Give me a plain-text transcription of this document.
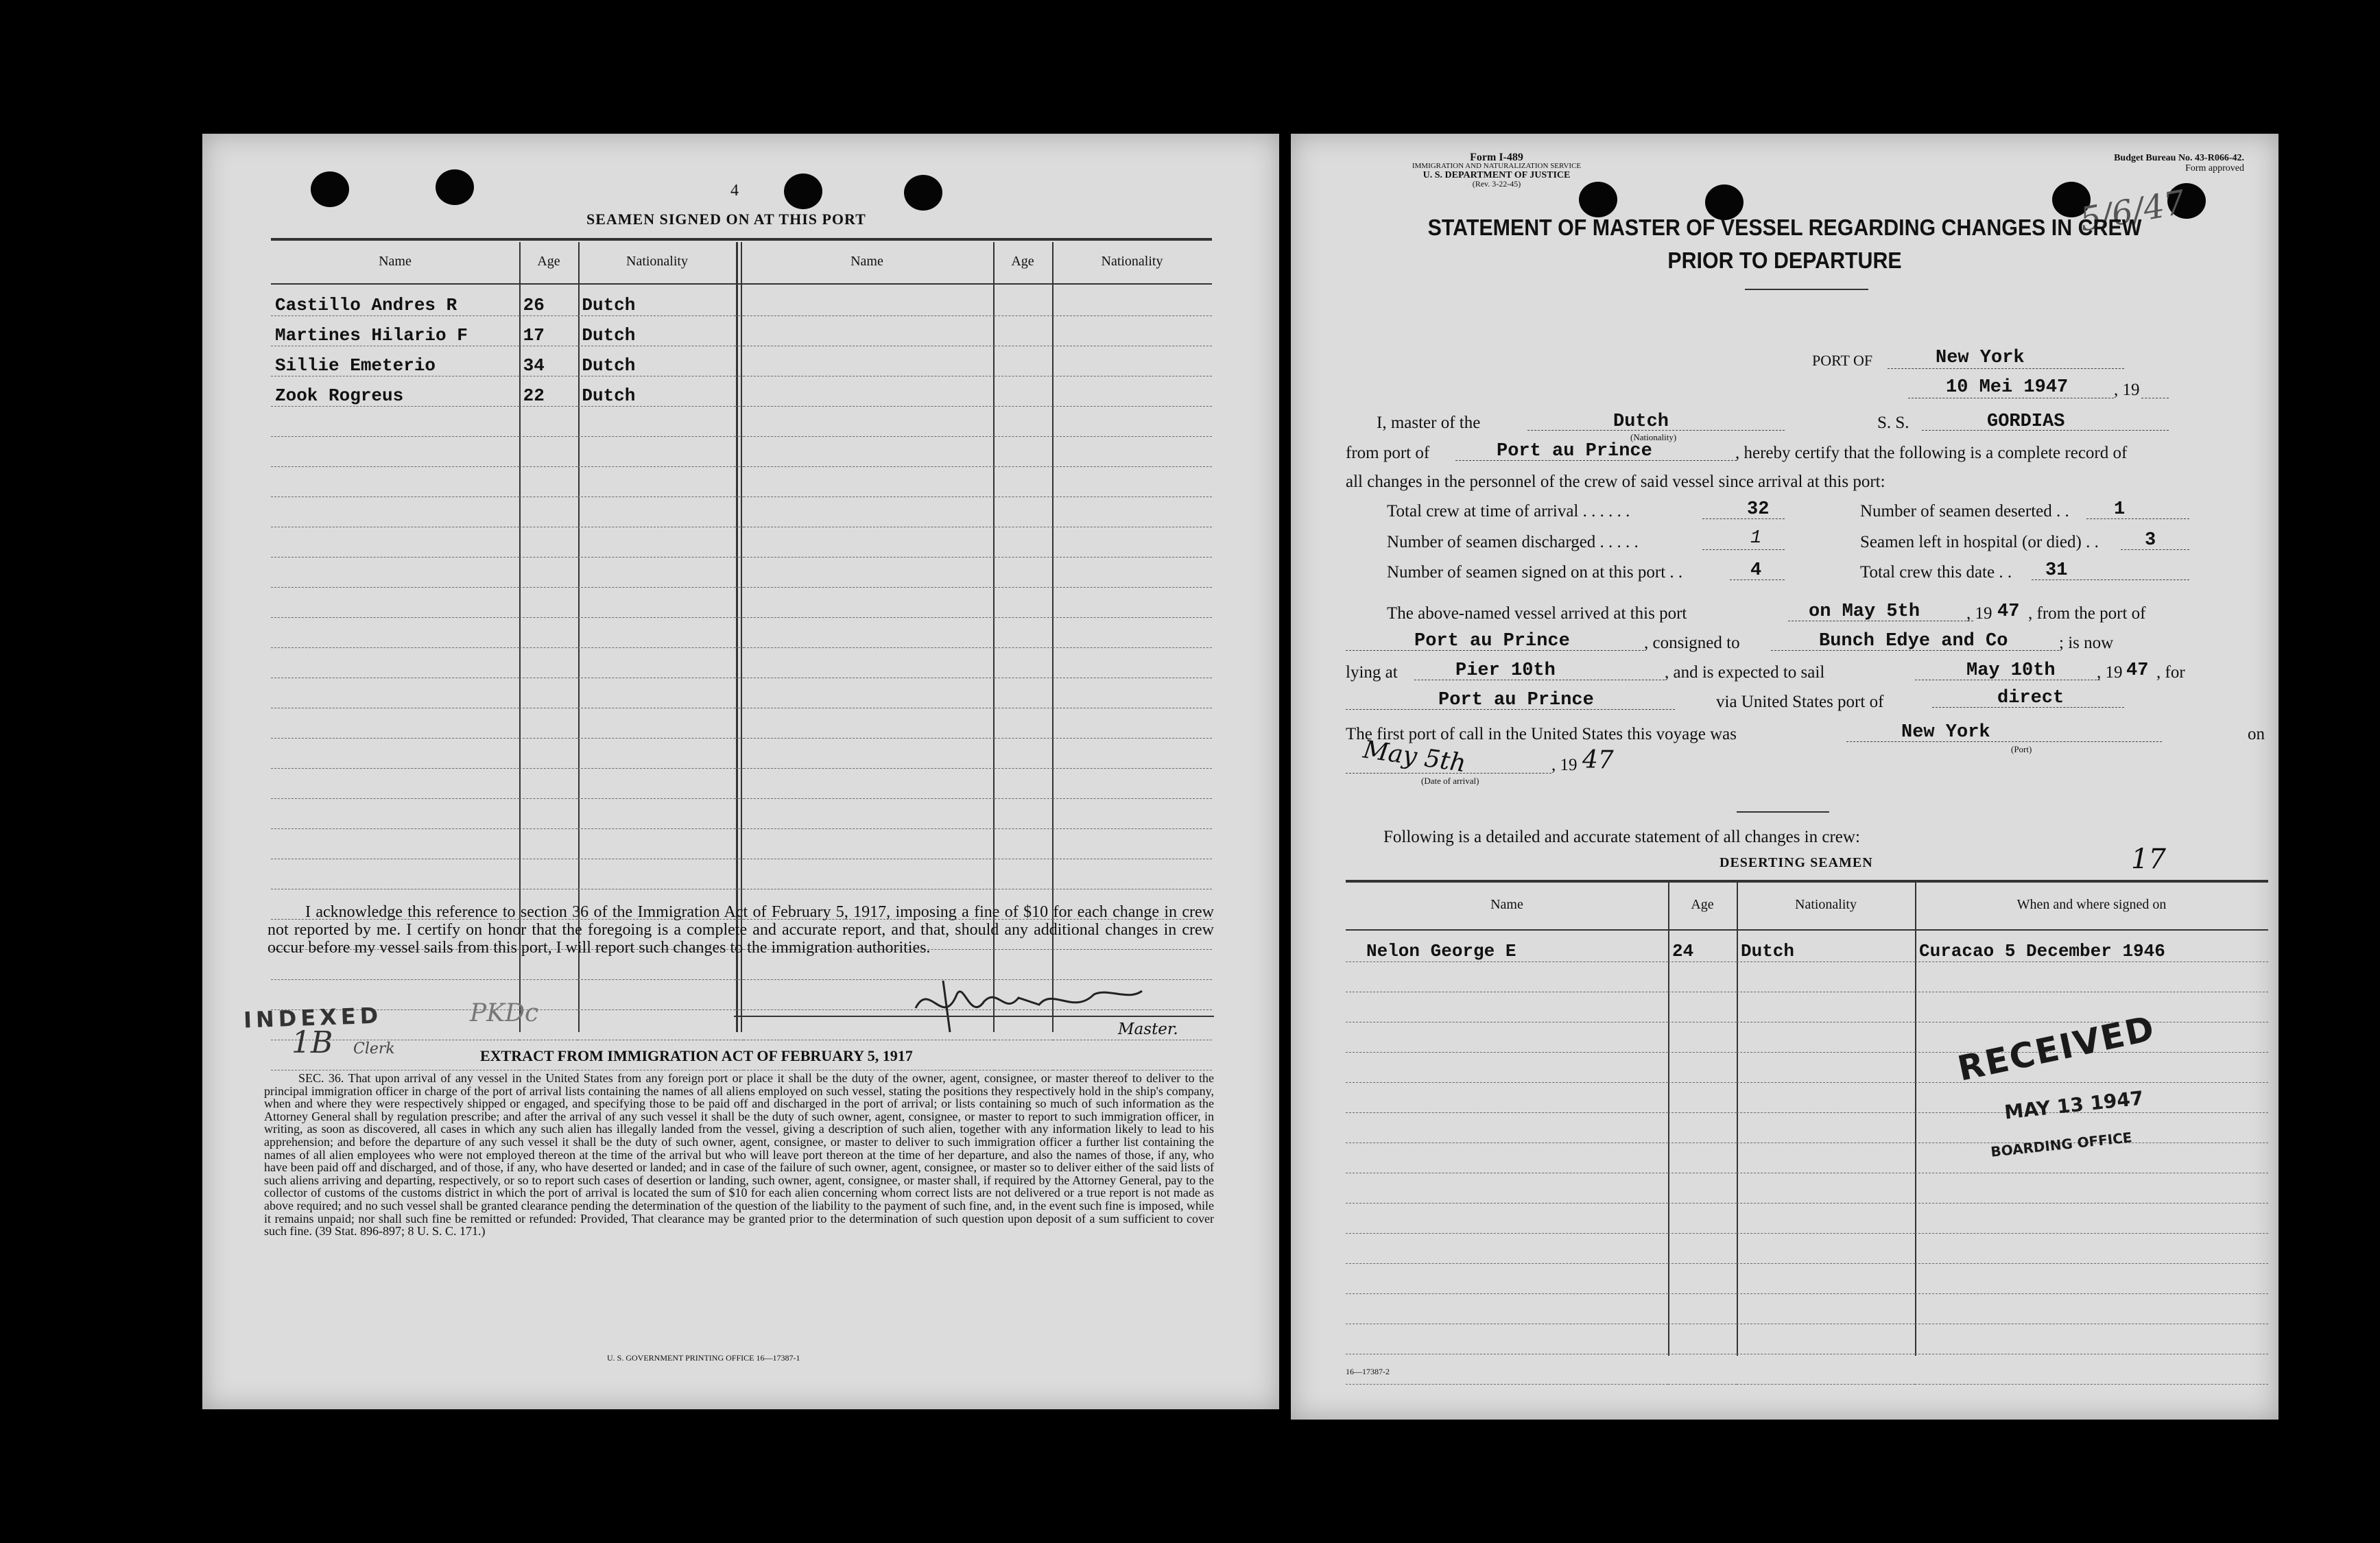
4
SEAMEN SIGNED ON AT THIS PORT
Name	Age	Nationality	Name	Age	Nationality
Castillo Andres R	26	Dutch				
Martines Hilario F	17	Dutch				
Sillie Emeterio	34	Dutch				
Zook Rogreus	22	Dutch				

I acknowledge this reference to section 36 of the Immigration Act of February 5, 1917, imposing a fine of $10 for each change in crew not reported by me. I certify on honor that the foregoing is a complete and accurate report, and that, should any additional changes in crew occur before my vessel sails from this port, I will report such changes to the immigration authorities.
Master.
INDEXED
1B Clerk
PKDc
EXTRACT FROM IMMIGRATION ACT OF FEBRUARY 5, 1917
SEC. 36. That upon arrival of any vessel in the United States from any foreign port or place it shall be the duty of the owner, agent, consignee, or master thereof to deliver to the principal immigration officer in charge of the port of arrival lists containing the names of all aliens employed on such vessel, stating the positions they respectively hold in the ship's company, when and where they were respectively shipped or engaged, and specifying those to be paid off and discharged in the port of arrival; or lists containing so much of such information as the Attorney General shall by regulation prescribe; and after the arrival of any such vessel it shall be the duty of such owner, agent, consignee, or master to report to such immigration officer, in writing, as soon as discovered, all cases in which any such alien has illegally landed from the vessel, giving a description of such alien, together with any information likely to lead to his apprehension; and before the departure of any such vessel it shall be the duty of such owner, agent, consignee, or master to deliver to such immigration officer a further list containing the names of all alien employees who were not employed thereon at the time of the arrival but who will leave port thereon at the time of her departure, and also the names of those, if any, who have been paid off and discharged, and of those, if any, who have deserted or landed; and in case of the failure of such owner, agent, consignee, or master so to deliver either of the said lists of such aliens arriving and departing, respectively, or so to report such cases of desertion or landing, such owner, agent, consignee, or master shall, if required by the Attorney General, pay to the collector of customs of the customs district in which the port of arrival is located the sum of $10 for each alien concerning whom correct lists are not delivered or a true report is not made as above required; and no such vessel shall be granted clearance pending the determination of the question of the liability to the payment of such fine, and, in the event such fine is imposed, while it remains unpaid; nor shall such fine be remitted or refunded: Provided, That clearance may be granted prior to the determination of such question upon deposit of a sum sufficient to cover such fine. (39 Stat. 896-897; 8 U. S. C. 171.)
U. S. GOVERNMENT PRINTING OFFICE 16—17387-1
Form I-489
IMMIGRATION AND NATURALIZATION SERVICE
U. S. DEPARTMENT OF JUSTICE
(Rev. 3-22-45)
Budget Bureau No. 43-R066-42.
Form approved
5/6/47
STATEMENT OF MASTER OF VESSEL REGARDING CHANGES IN CREW
PRIOR TO DEPARTURE
PORT OF	New York
10 Mei 1947	, 19
I, master of the	Dutch
(Nationality)
S. S.	GORDIAS
from port of	Port au Prince	, hereby certify that the following is a complete record of
all changes in the personnel of the crew of said vessel since arrival at this port:
Total crew at time of arrival . . . . . .	32	Number of seamen deserted . . 1
Number of seamen discharged . . . . .	1	Seamen left in hospital (or died) . . 3
Number of seamen signed on at this port . .	4	Total crew this date . . 31
The above-named vessel arrived at this port	on May 5th	, 19 47 , from the port of
Port au Prince	, consigned to	Bunch Edye and Co	; is now
lying at	Pier 10th	, and is expected to sail	May 10th , 19 47 , for
Port au Prince	via United States port of	direct
The first port of call in the United States this voyage was	New York
(Port)
on
May 5th
(Date of arrival)
, 19 47
Following is a detailed and accurate statement of all changes in crew:
DESERTING SEAMEN	17
Name	Age	Nationality	When and where signed on
Nelon George E	24	Dutch	Curacao 5 December 1946

RECEIVED
MAY 13 1947
BOARDING OFFICE
16—17387-2
